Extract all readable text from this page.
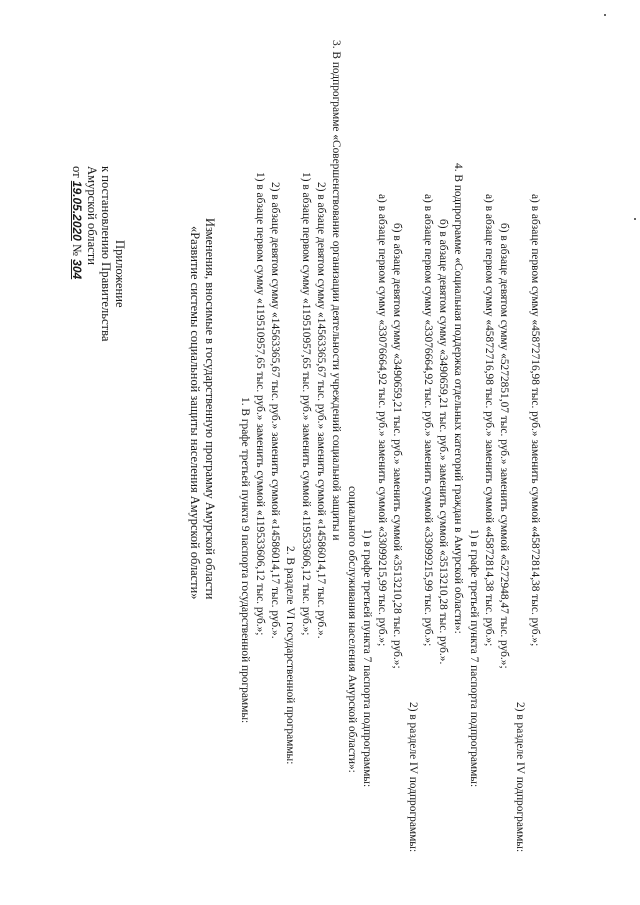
Приложение
к постановлению Правительства
Амурской области
от 19.05.2020 № 304	Изменения, вносимые в государственную программу Амурской области
«Развитие системы социальной защиты населения Амурской области»	1. В графе третьей пункта 9 паспорта государственной программы: 1) в абзаце первом сумму «119510957,65 тыс. руб.» заменить суммой «119533606,12 тыс. руб.»; 2) в абзаце девятом сумму «14563365,67 тыс. руб.» заменить суммой «14586014,17 тыс. руб.».
2. В разделе VI государственной программы:
1) в абзаце первом сумму «119510957,65 тыс. руб.» заменить суммой «119533606,12 тыс. руб.»; 2) в абзаце девятом сумму «14563365,67 тыс. руб.» заменить суммой «14586014,17 тыс. руб.». 3. В подпрограмме «Совершенствование организации деятельности учреждений социальной защиты и
социального обслуживания населения Амурской области»: 1) в графе третьей пункта 7 паспорта подпрограммы:
а) в абзаце первом сумму «33076664,92 тыс. руб.» заменить суммой «33099215,99 тыс. руб.»; б) в абзаце девятом сумму «3490659,21 тыс. руб.» заменить суммой «3513210,28 тыс. руб.»;
2) в разделе IV подпрограммы:
а) в абзаце первом сумму «33076664,92 тыс. руб.» заменить суммой «33099215,99 тыс. руб.»; б) в абзаце девятом сумму «3490659,21 тыс. руб.» заменить суммой «3513210,28 тыс. руб.». 4. В подпрограмме «Социальная поддержка отдельных категорий граждан в Амурской области»:
1) в графе третьей пункта 7 паспорта подпрограммы:
а) в абзаце первом сумму «45872716,98 тыс. руб.» заменить суммой «45872814,38 тыс. руб.»; б) в абзаце девятом сумму «5272851,07 тыс. руб.» заменить суммой «5272948,47 тыс. руб.»;
2) в разделе IV подпрограммы:
а) в абзаце первом сумму «45872716,98 тыс. руб.» заменить суммой «45872814,38 тыс. руб.»;
